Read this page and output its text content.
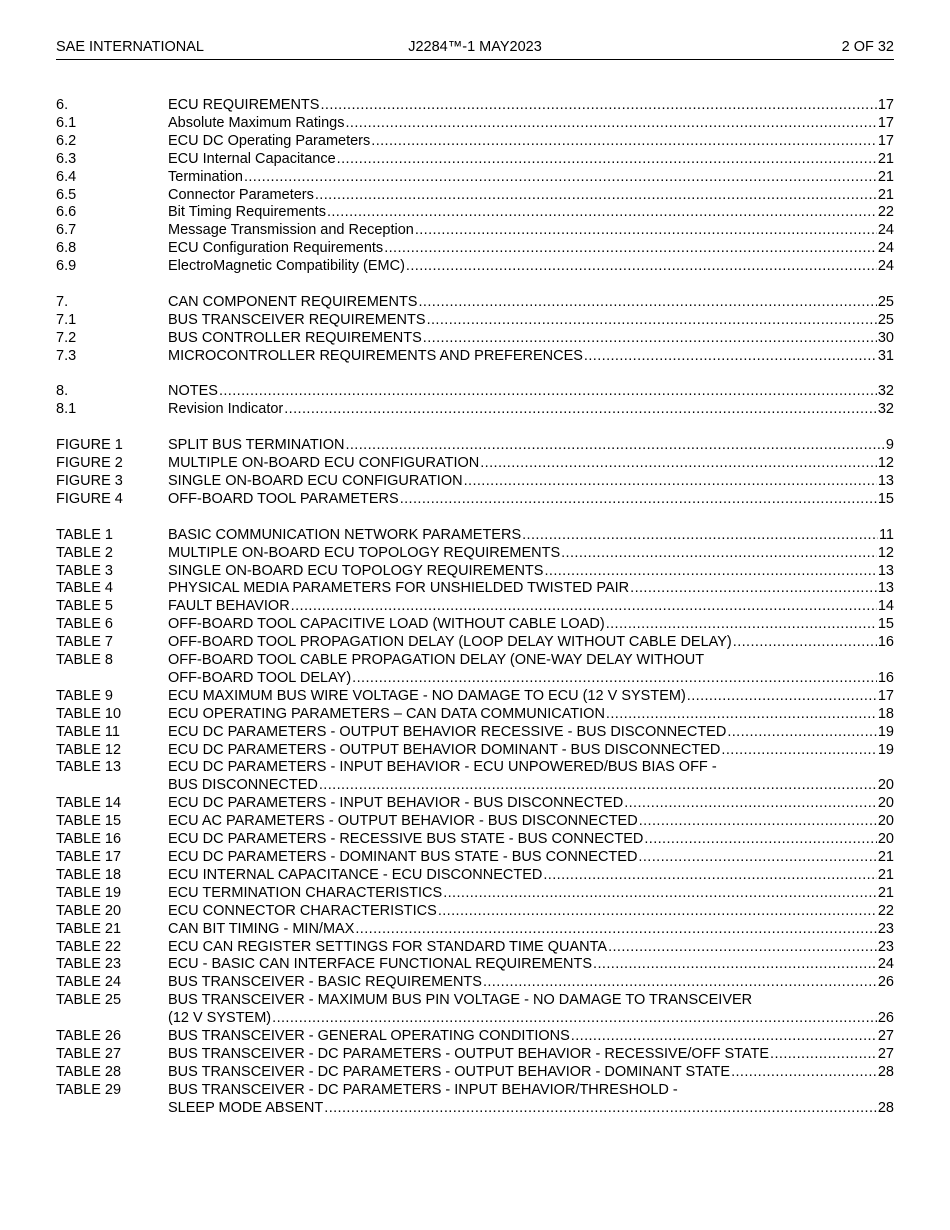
SAE INTERNATIONAL	J2284™-1 MAY2023	2 OF 32
6.	ECU REQUIREMENTS .....	17
6.1	Absolute Maximum Ratings .....	17
6.2	ECU DC Operating Parameters .....	17
6.3	ECU Internal Capacitance .....	21
6.4	Termination .....	21
6.5	Connector Parameters .....	21
6.6	Bit Timing Requirements .....	22
6.7	Message Transmission and Reception .....	24
6.8	ECU Configuration Requirements .....	24
6.9	ElectroMagnetic Compatibility (EMC) .....	24
7.	CAN COMPONENT REQUIREMENTS .....	25
7.1	BUS TRANSCEIVER REQUIREMENTS .....	25
7.2	BUS CONTROLLER REQUIREMENTS .....	30
7.3	MICROCONTROLLER REQUIREMENTS AND PREFERENCES .....	31
8.	NOTES .....	32
8.1	Revision Indicator .....	32
FIGURE 1	SPLIT BUS TERMINATION .....	9
FIGURE 2	MULTIPLE ON-BOARD ECU CONFIGURATION .....	12
FIGURE 3	SINGLE ON-BOARD ECU CONFIGURATION .....	13
FIGURE 4	OFF-BOARD TOOL PARAMETERS .....	15
TABLE 1	BASIC COMMUNICATION NETWORK PARAMETERS .....	11
TABLE 2	MULTIPLE ON-BOARD ECU TOPOLOGY REQUIREMENTS .....	12
TABLE 3	SINGLE ON-BOARD ECU TOPOLOGY REQUIREMENTS .....	13
TABLE 4	PHYSICAL MEDIA PARAMETERS FOR UNSHIELDED TWISTED PAIR .....	13
TABLE 5	FAULT BEHAVIOR .....	14
TABLE 6	OFF-BOARD TOOL CAPACITIVE LOAD (WITHOUT CABLE LOAD) .....	15
TABLE 7	OFF-BOARD TOOL PROPAGATION DELAY (LOOP DELAY WITHOUT CABLE DELAY) .....	16
TABLE 8	OFF-BOARD TOOL CABLE PROPAGATION DELAY (ONE-WAY DELAY WITHOUT
OFF-BOARD TOOL DELAY) .....	16
TABLE 9	ECU MAXIMUM BUS WIRE VOLTAGE - NO DAMAGE TO ECU (12 V SYSTEM) .....	17
TABLE 10	ECU OPERATING PARAMETERS – CAN DATA COMMUNICATION .....	18
TABLE 11	ECU DC PARAMETERS - OUTPUT BEHAVIOR RECESSIVE - BUS DISCONNECTED .....	19
TABLE 12	ECU DC PARAMETERS - OUTPUT BEHAVIOR DOMINANT - BUS DISCONNECTED .....	19
TABLE 13	ECU DC PARAMETERS - INPUT BEHAVIOR - ECU UNPOWERED/BUS BIAS OFF -
BUS DISCONNECTED .....	20
TABLE 14	ECU DC PARAMETERS - INPUT BEHAVIOR - BUS DISCONNECTED .....	20
TABLE 15	ECU AC PARAMETERS - OUTPUT BEHAVIOR - BUS DISCONNECTED .....	20
TABLE 16	ECU DC PARAMETERS - RECESSIVE BUS STATE - BUS CONNECTED .....	20
TABLE 17	ECU DC PARAMETERS - DOMINANT BUS STATE - BUS CONNECTED .....	21
TABLE 18	ECU INTERNAL CAPACITANCE - ECU DISCONNECTED .....	21
TABLE 19	ECU TERMINATION CHARACTERISTICS .....	21
TABLE 20	ECU CONNECTOR CHARACTERISTICS .....	22
TABLE 21	CAN BIT TIMING - MIN/MAX .....	23
TABLE 22	ECU CAN REGISTER SETTINGS FOR STANDARD TIME QUANTA .....	23
TABLE 23	ECU - BASIC CAN INTERFACE FUNCTIONAL REQUIREMENTS .....	24
TABLE 24	BUS TRANSCEIVER - BASIC REQUIREMENTS .....	26
TABLE 25	BUS TRANSCEIVER - MAXIMUM BUS PIN VOLTAGE - NO DAMAGE TO TRANSCEIVER
(12 V SYSTEM) .....	26
TABLE 26	BUS TRANSCEIVER - GENERAL OPERATING CONDITIONS .....	27
TABLE 27	BUS TRANSCEIVER - DC PARAMETERS - OUTPUT BEHAVIOR - RECESSIVE/OFF STATE .....	27
TABLE 28	BUS TRANSCEIVER - DC PARAMETERS - OUTPUT BEHAVIOR - DOMINANT STATE .....	28
TABLE 29	BUS TRANSCEIVER - DC PARAMETERS - INPUT BEHAVIOR/THRESHOLD -
SLEEP MODE ABSENT .....	28
